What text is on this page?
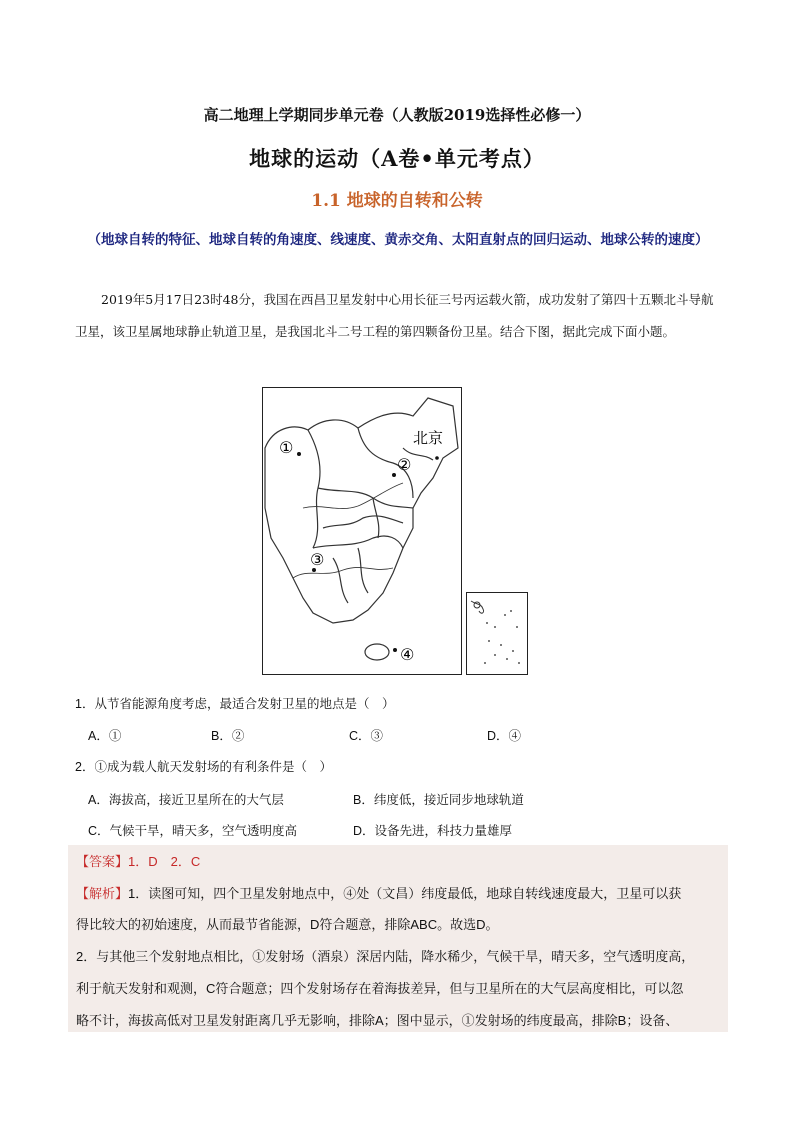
高二地理上学期同步单元卷（人教版2019选择性必修一）
地球的运动（A卷•单元考点）
1.1 地球的自转和公转
（地球自转的特征、地球自转的角速度、线速度、黄赤交角、太阳直射点的回归运动、地球公转的速度）
2019年5月17日23时48分，我国在西昌卫星发射中心用长征三号丙运载火箭，成功发射了第四十五颗北斗导航卫星，该卫星属地球静止轨道卫星，是我国北斗二号工程的第四颗备份卫星。结合下图，据此完成下面小题。
①
②
③
④
北京
1．从节省能源角度考虑，最适合发射卫星的地点是（　）
A．①	B．②	C．③	D．④
2．①成为载人航天发射场的有利条件是（　）
A．海拔高，接近卫星所在的大气层	B．纬度低，接近同步地球轨道
C．气候干旱，晴天多，空气透明度高	D．设备先进，科技力量雄厚
【答案】1．D　2．C
【解析】1．读图可知，四个卫星发射地点中，④处（文昌）纬度最低，地球自转线速度最大，卫星可以获
得比较大的初始速度，从而最节省能源，D符合题意，排除ABC。故选D。
2．与其他三个发射地点相比，①发射场（酒泉）深居内陆，降水稀少，气候干旱，晴天多，空气透明度高，
利于航天发射和观测，C符合题意；四个发射场存在着海拔差异，但与卫星所在的大气层高度相比，可以忽
略不计，海拔高低对卫星发射距离几乎无影响，排除A；图中显示，①发射场的纬度最高，排除B；设备、
